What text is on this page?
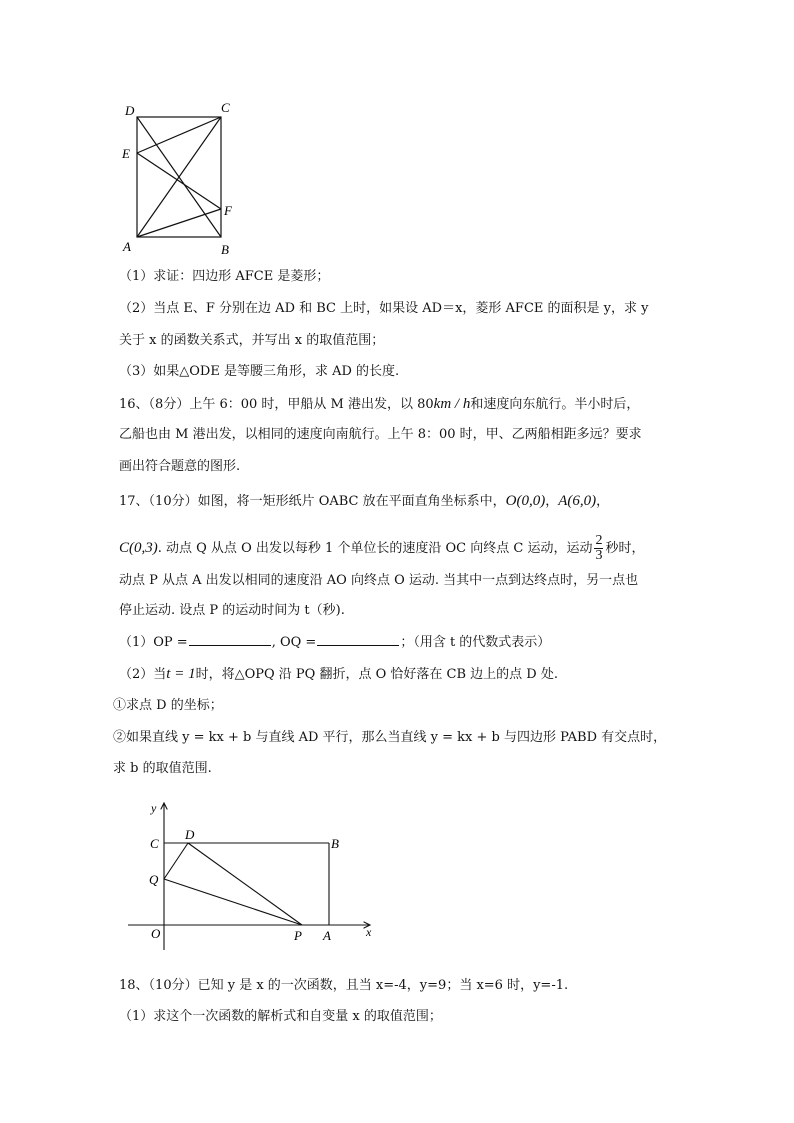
D	C
E
F
A	B
（1）求证：四边形 AFCE 是菱形；
（2）当点 E、F 分别在边 AD 和 BC 上时，如果设 AD＝x，菱形 AFCE 的面积是 y，求 y
关于 x 的函数关系式，并写出 x 的取值范围；
（3）如果△ODE 是等腰三角形，求 AD 的长度.
16、（8分）上午 6：00 时，甲船从 M 港出发，以 80km / h和速度向东航行。半小时后，
乙船也由 M 港出发，以相同的速度向南航行。上午 8：00 时，甲、乙两船相距多远？要求
画出符合题意的图形.
17、（10分）如图，将一矩形纸片 OABC 放在平面直角坐标系中，O(0,0)，A(6,0)，
C(0,3). 动点 Q 从点 O 出发以每秒 1 个单位长的速度沿 OC 向终点 C 运动，运动 $\frac{2}{3}$ 秒时，
动点 P 从点 A 出发以相同的速度沿 AO 向终点 O 运动. 当其中一点到达终点时，另一点也
停止运动. 设点 P 的运动时间为 t（秒).
（1）OP =	, OQ =	；（用含 t 的代数式表示）
（2）当t = 1时，将△OPQ 沿 PQ 翻折，点 O 恰好落在 CB 边上的点 D 处.
①求点 D 的坐标；
②如果直线 y = kx + b 与直线 AD 平行，那么当直线 y = kx + b 与四边形 PABD 有交点时，
求 b 的取值范围.
y
x
C
D
B
Q
O	P A
18、（10分）已知 y 是 x 的一次函数，且当 x=-4，y=9；当 x=6 时，y=-1.
（1）求这个一次函数的解析式和自变量 x 的取值范围；
